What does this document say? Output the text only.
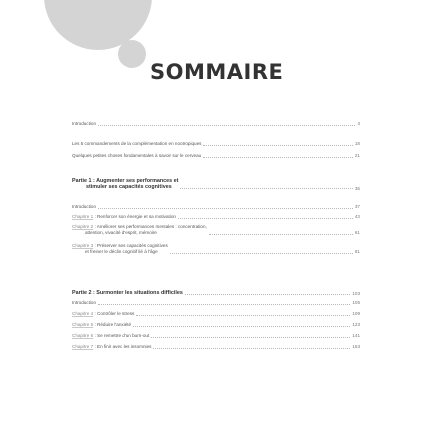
SOMMAIRE
Introduction	3
Les 5 commandements de la complémentation en nootropiques	18
Quelques petites choses fondamentales à savoir sur le cerveau	21
Partie 1 : Augmenter ses performances et
stimuler ses capacités cognitives	35
Introduction	37
Chapitre 1 : Renforcer son énergie et sa motivation	43
Chapitre 2 : Améliorer ses performances mentales : concentration,
attention, vivacité d'esprit, mémoire	61
Chapitre 3 : Préserver ses capacités cognitives
et freiner le déclin cognitif lié à l'âge	81
Partie 2 : Surmonter les situations difficiles	103
Introduction	105
Chapitre 4 : Contrôler le stress	109
Chapitre 5 : Réduire l'anxiété	123
Chapitre 6 : Se remettre d'un burn-out	141
Chapitre 7 : En finir avec les insomnies	163
